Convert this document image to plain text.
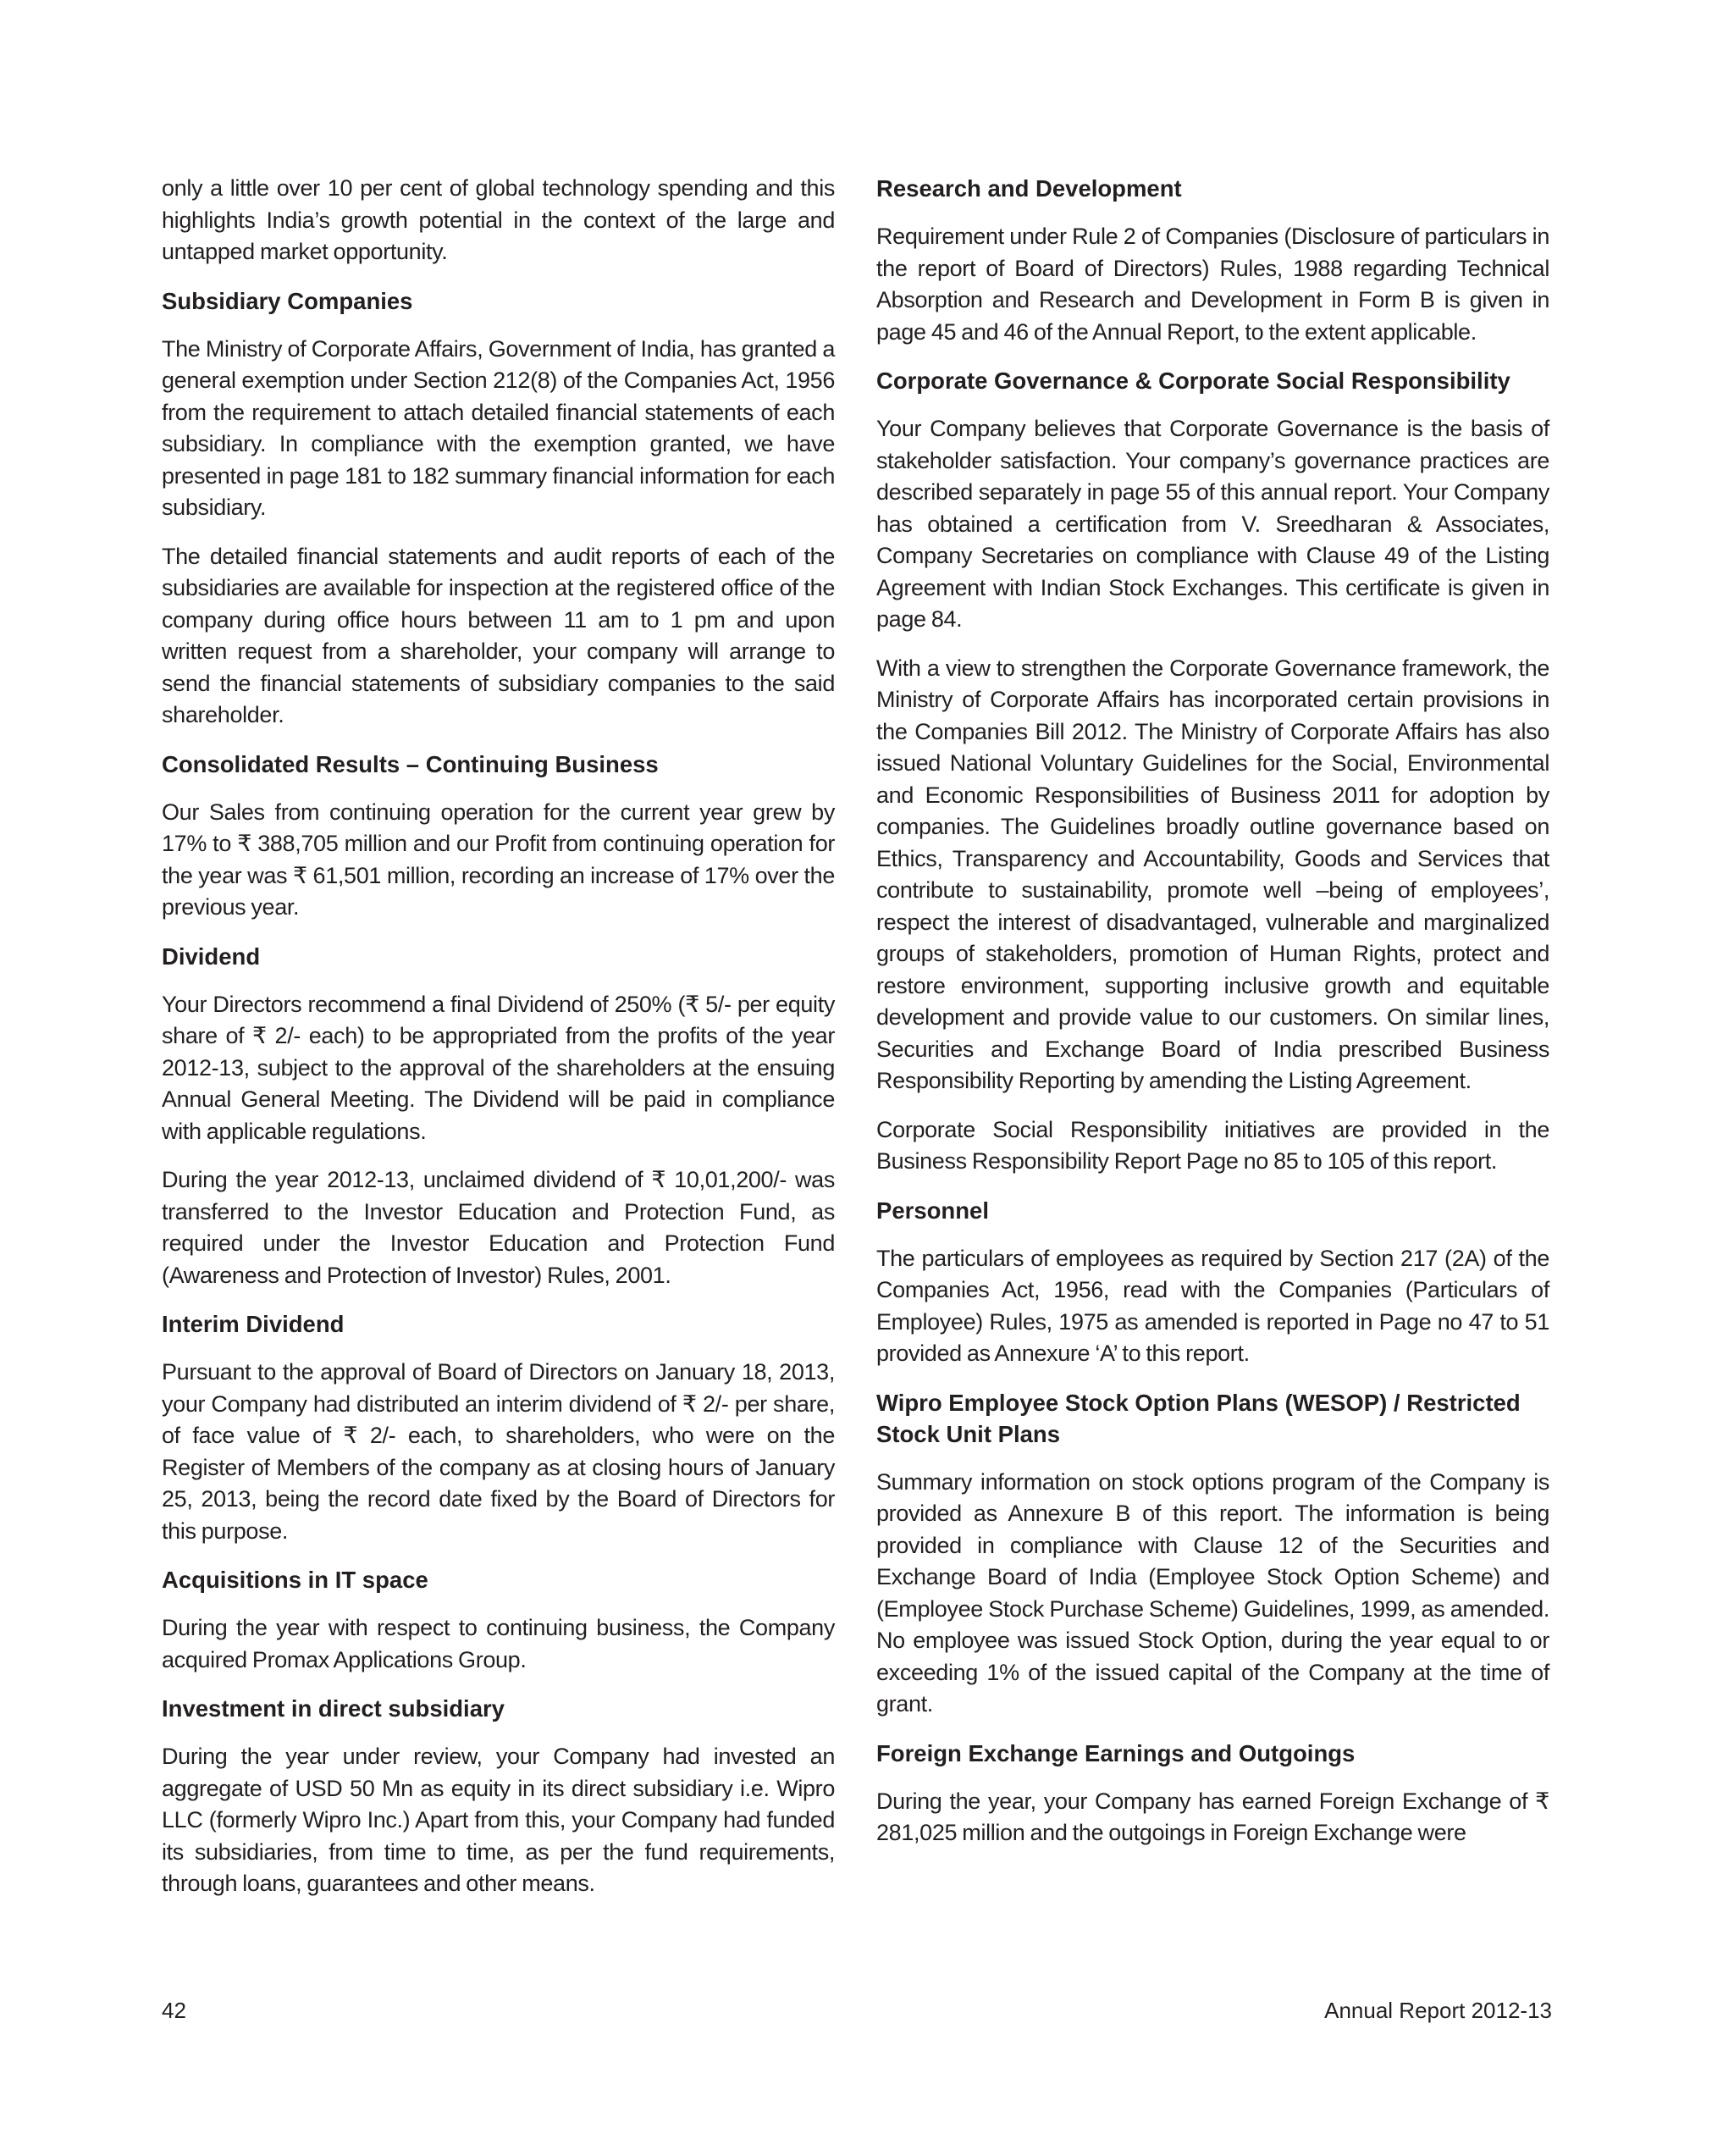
only a little over 10 per cent of global technology spending and this highlights India’s growth potential in the context of the large and untapped market opportunity.

Subsidiary Companies

The Ministry of Corporate Affairs, Government of India, has granted a general exemption under Section 212(8) of the Companies Act, 1956 from the requirement to attach detailed financial statements of each subsidiary. In compliance with the exemption granted, we have presented in page 181 to 182 summary financial information for each subsidiary.

The detailed financial statements and audit reports of each of the subsidiaries are available for inspection at the registered office of the company during office hours between 11 am to 1 pm and upon written request from a shareholder, your company will arrange to send the financial statements of subsidiary companies to the said shareholder.

Consolidated Results – Continuing Business

Our Sales from continuing operation for the current year grew by 17% to ₹ 388,705 million and our Profit from continuing operation for the year was ₹ 61,501 million, recording an increase of 17% over the previous year.

Dividend

Your Directors recommend a final Dividend of 250% (₹ 5/- per equity share of ₹ 2/- each) to be appropriated from the profits of the year 2012-13, subject to the approval of the shareholders at the ensuing Annual General Meeting. The Dividend will be paid in compliance with applicable regulations.

During the year 2012-13, unclaimed dividend of ₹ 10,01,200/- was transferred to the Investor Education and Protection Fund, as required under the Investor Education and Protection Fund (Awareness and Protection of Investor) Rules, 2001.

Interim Dividend

Pursuant to the approval of Board of Directors on January 18, 2013, your Company had distributed an interim dividend of ₹ 2/- per share, of face value of ₹ 2/- each, to shareholders, who were on the Register of Members of the company as at closing hours of January 25, 2013, being the record date fixed by the Board of Directors for this purpose.

Acquisitions in IT space

During the year with respect to continuing business, the Company acquired Promax Applications Group.

Investment in direct subsidiary

During the year under review, your Company had invested an aggregate of USD 50 Mn as equity in its direct subsidiary i.e. Wipro LLC (formerly Wipro Inc.) Apart from this, your Company had funded its subsidiaries, from time to time, as per the fund requirements, through loans, guarantees and other means.

Research and Development

Requirement under Rule 2 of Companies (Disclosure of particulars in the report of Board of Directors) Rules, 1988 regarding Technical Absorption and Research and Development in Form B is given in page 45 and 46 of the Annual Report, to the extent applicable.

Corporate Governance & Corporate Social Responsibility

Your Company believes that Corporate Governance is the basis of stakeholder satisfaction. Your company’s governance practices are described separately in page 55 of this annual report. Your Company has obtained a certification from V. Sreedharan & Associates, Company Secretaries on compliance with Clause 49 of the Listing Agreement with Indian Stock Exchanges. This certificate is given in page 84.

With a view to strengthen the Corporate Governance framework, the Ministry of Corporate Affairs has incorporated certain provisions in the Companies Bill 2012. The Ministry of Corporate Affairs has also issued National Voluntary Guidelines for the Social, Environmental and Economic Responsibilities of Business 2011 for adoption by companies. The Guidelines broadly outline governance based on Ethics, Transparency and Accountability, Goods and Services that contribute to sustainability, promote well –being of employees’, respect the interest of disadvantaged, vulnerable and marginalized groups of stakeholders, promotion of Human Rights, protect and restore environment, supporting inclusive growth and equitable development and provide value to our customers. On similar lines, Securities and Exchange Board of India prescribed Business Responsibility Reporting by amending the Listing Agreement.

Corporate Social Responsibility initiatives are provided in the Business Responsibility Report Page no 85 to 105 of this report.

Personnel

The particulars of employees as required by Section 217 (2A) of the Companies Act, 1956, read with the Companies (Particulars of Employee) Rules, 1975 as amended is reported in Page no 47 to 51 provided as Annexure ‘A’ to this report.

Wipro Employee Stock Option Plans (WESOP) / Restricted Stock Unit Plans

Summary information on stock options program of the Company is provided as Annexure B of this report. The information is being provided in compliance with Clause 12 of the Securities and Exchange Board of India (Employee Stock Option Scheme) and (Employee Stock Purchase Scheme) Guidelines, 1999, as amended. No employee was issued Stock Option, during the year equal to or exceeding 1% of the issued capital of the Company at the time of grant.

Foreign Exchange Earnings and Outgoings

During the year, your Company has earned Foreign Exchange of ₹ 281,025 million and the outgoings in Foreign Exchange were

42	Annual Report 2012-13
